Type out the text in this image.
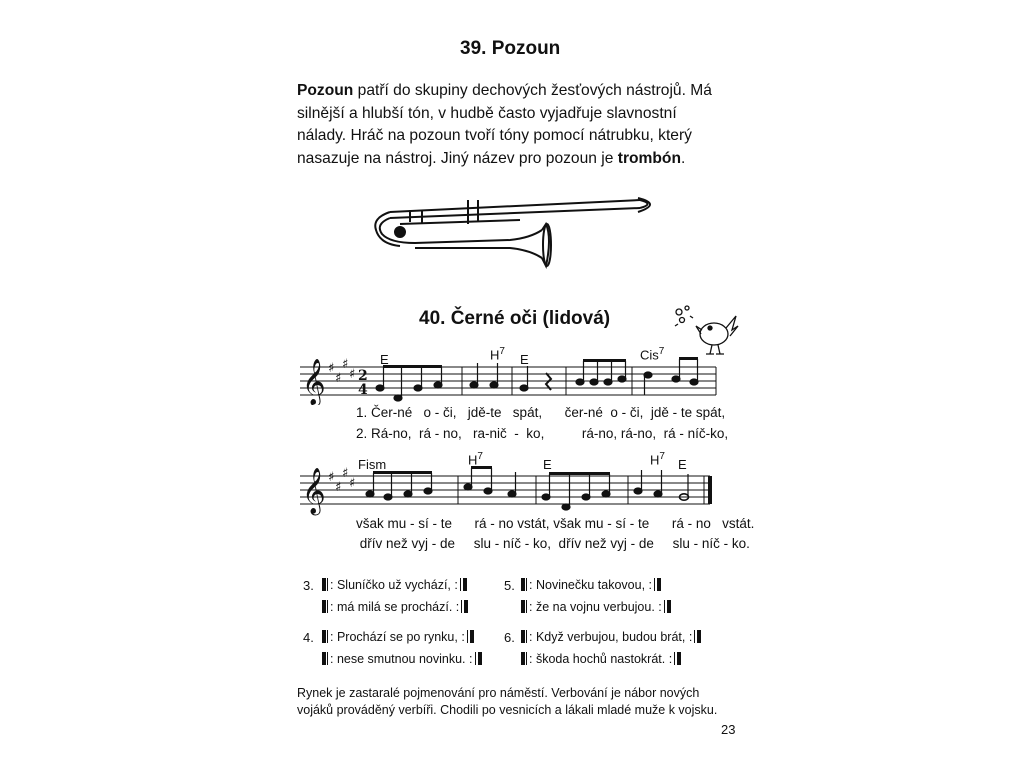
39. Pozoun
Pozoun patří do skupiny dechových žesťových nástrojů. Má silnější a hlubší tón, v hudbě často vyjadřuje slavnostní nálady. Hráč na pozoun tvoří tóny pomocí nátrubku, který nasazuje na nástroj. Jiný název pro pozoun je trombón.
40. Černé oči (lidová)
𝄞 ♯
♯
♯
♯ 2
4
E	$H^7$
E	Cis$^7$
1. Čer-né   o - či,   jdě-te   spát,      čer-né  o - či,  jdě - te spát,
2. Rá-no,  rá - no,   ra-nič  -  ko,          rá-no, rá-no,  rá - níč-ko,
𝄞 ♯
♯
♯
♯
Fism	$H^7$
E	$H^7$
E
však mu - sí - te      rá - no vstát, však mu - sí - te      rá - no   vstát.
dřív než vyj - de     slu - níč - ko,  dřív než vyj - de     slu - níč - ko.
3.	: Sluníčko už vychází, :
: má milá se prochází. :
5.	: Novinečku takovou, :
: že na vojnu verbujou. :
4.	: Prochází se po rynku, :
: nese smutnou novinku. :
6.	: Když verbujou, budou brát, :
: škoda hochů nastokrát. :
Rynek je zastaralé pojmenování pro náměstí. Verbování je nábor nových vojáků prováděný verbíři. Chodili po vesnicích a lákali mladé muže k vojsku.
23
